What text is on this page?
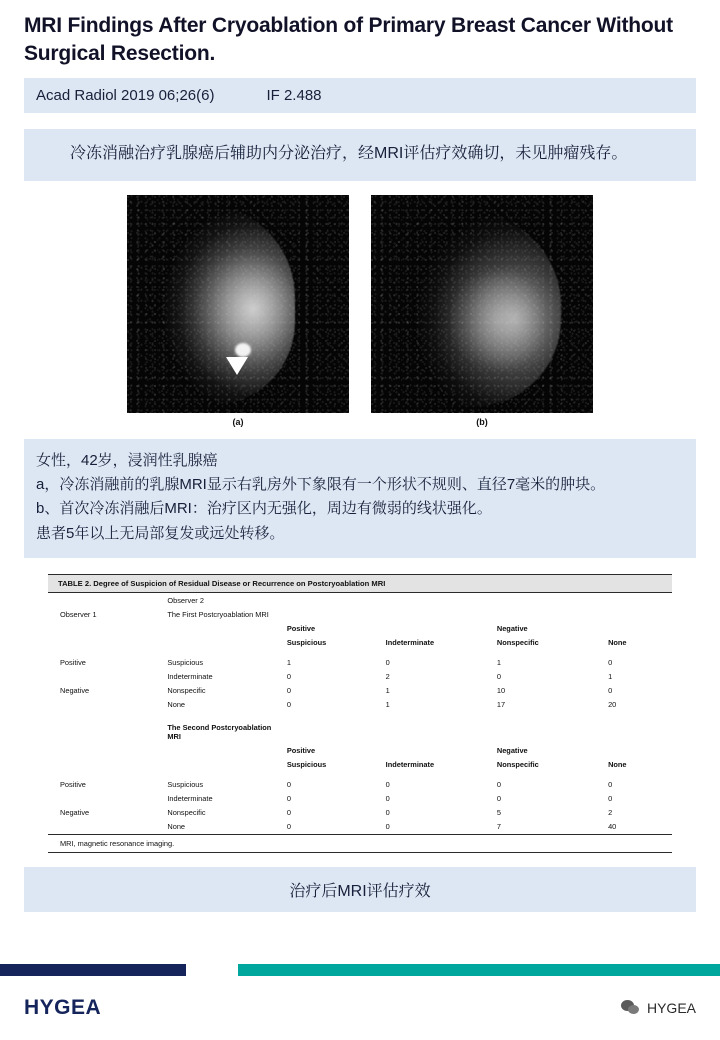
MRI Findings After Cryoablation of Primary Breast Cancer Without Surgical Resection.
Acad Radiol 2019 06;26(6)	IF 2.488
冷冻消融治疗乳腺癌后辅助内分泌治疗，经MRI评估疗效确切，未见肿瘤残存。
(a)	(b)
女性，42岁，浸润性乳腺癌
a，冷冻消融前的乳腺MRI显示右乳房外下象限有一个形状不规则、直径7毫米的肿块。
b、首次冷冻消融后MRI：治疗区内无强化，周边有微弱的线状强化。
患者5年以上无局部复发或远处转移。
TABLE 2. Degree of Suspicion of Residual Disease or Recurrence on Postcryoablation MRI
	Observer 2				
Observer 1	The First Postcryoablation MRI				
		Positive		Negative	
		Suspicious	Indeterminate	Nonspecific	None

Positive	Suspicious	1	0	1	0
	Indeterminate	0	2	0	1
Negative	Nonspecific	0	1	10	0
	None	0	1	17	20

	The Second Postcryoablation MRI				
		Positive		Negative	
		Suspicious	Indeterminate	Nonspecific	None

Positive	Suspicious	0	0	0	0
	Indeterminate	0	0	0	0
Negative	Nonspecific	0	0	5	2
	None	0	0	7	40
MRI, magnetic resonance imaging.
治疗后MRI评估疗效
HYGEA	HYGEA
